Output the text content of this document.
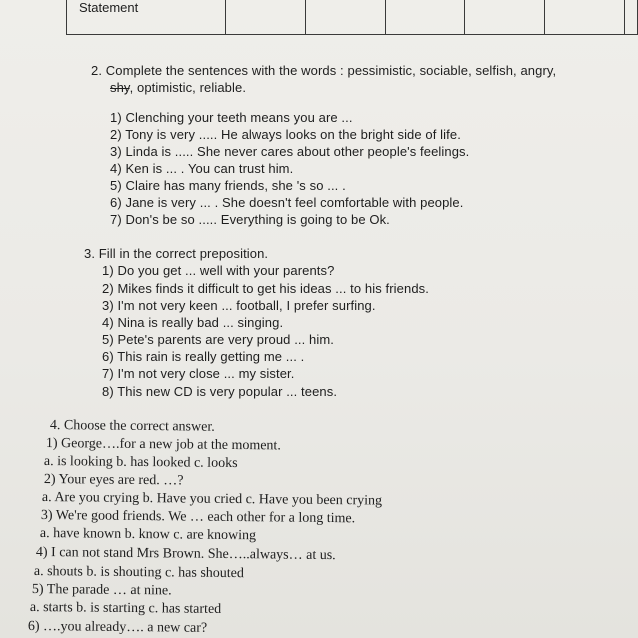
Statement						
2. Complete the sentences with the words : pessimistic, sociable, selfish, angry,
shy, optimistic, reliable.
1) Clenching your teeth means you are ...
2) Tony is very ..... He always looks on the bright side of life.
3) Linda is ..... She never cares about other people's feelings.
4) Ken is ... . You can trust him.
5) Claire has many friends, she 's so ... .
6) Jane is very ... . She doesn't feel comfortable with people.
7) Don's be so ..... Everything is going to be Ok.
3. Fill in the correct preposition.
1) Do you get ... well with your parents?
2) Mikes finds it difficult to get his ideas ... to his friends.
3) I'm not very keen ... football, I prefer surfing.
4) Nina is really bad ... singing.
5) Pete's parents are very proud ... him.
6) This rain is really getting me ... .
7) I'm not very close ... my sister.
8) This new CD is very popular ... teens.
4. Choose the correct answer.
1) George….for a new job at the moment.
a. is looking b. has looked c. looks
2) Your eyes are red. …?
a. Are you crying b. Have you cried c. Have you been crying
3) We're good friends. We … each other for a long time.
a. have known b. know c. are knowing
4) I can not stand Mrs Brown. She…..always… at us.
a. shouts b. is shouting c. has shouted
5) The parade … at nine.
a. starts b. is starting c. has started
6) ….you already…. a new car?
